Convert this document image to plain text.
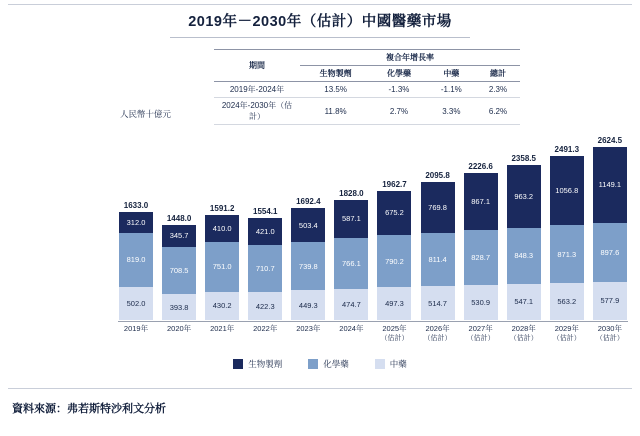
2019年－2030年（估計）中國醫藥市場
期間	複合年增長率			
	生物製劑	化學藥	中藥	總計
2019年-2024年	13.5%	-1.3%	-1.1%	2.3%
2024年-2030年（估計）	11.8%	2.7%	3.3%	6.2%
人民幣十億元
1633.0
312.0
819.0
502.0
1448.0
345.7
708.5
393.8
1591.2
410.0
751.0
430.2
1554.1
421.0
710.7
422.3
1692.4
503.4
739.8
449.3
1828.0
587.1
766.1
474.7
1962.7
675.2
790.2
497.3
2095.8
769.8
811.4
514.7
2226.6
867.1
828.7
530.9
2358.5
963.2
848.3
547.1
2491.3
1056.8
871.3
563.2
2624.5
1149.1
897.6
577.9
2019年	2020年	2021年	2022年	2023年	2024年	2025年
（估計）
2026年
（估計）
2027年
（估計）
2028年
（估計）
2029年
（估計）
2030年
（估計）
生物製劑	化學藥	中藥
資料來源：弗若斯特沙利文分析
